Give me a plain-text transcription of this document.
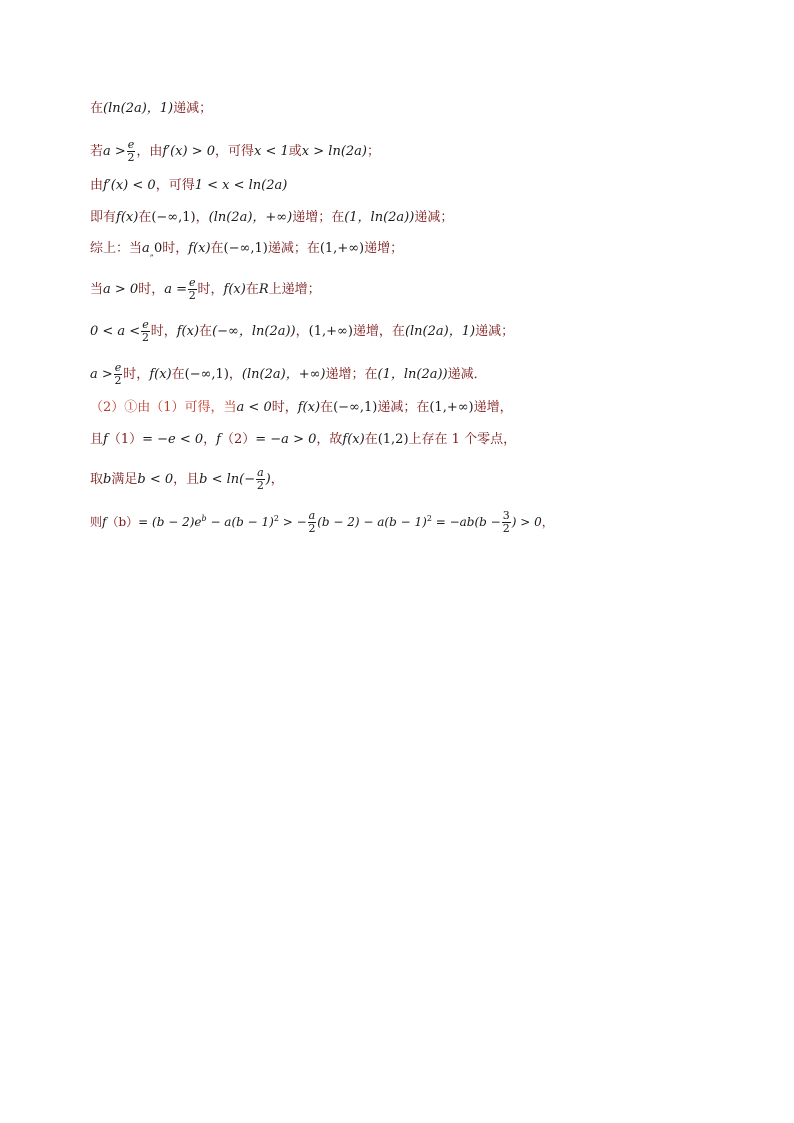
在(ln(2a)，1)递减；
若$a > \frac{e}{2}$ ，由f′(x) > 0，可得x < 1或x > ln(2a)；
由f′(x) < 0，可得1 < x < ln(2a)
即有f(x)在(−∞,1)，(ln(2a)，+∞)递增；在(1，ln(2a))递减；
综上：当$a_„0$时，f(x)在(−∞,1)递减；在(1,+∞)递增；
当a > 0时，$a = \frac{e}{2}$ 时，f(x)在R上递增；
$0 < a < \frac{e}{2}$ 时，f(x)在(−∞，ln(2a))，(1,+∞)递增，在(ln(2a)，1)递减；
$a > \frac{e}{2}$ 时，f(x)在(−∞,1)，(ln(2a)，+∞)递增；在(1，ln(2a))递减．
（2）①由（1）可得，当a < 0时，f(x)在(−∞,1)递减；在(1,+∞)递增，
且f（1）= −e < 0，f（2）= −a > 0，故f(x)在(1,2)上存在 1 个零点，
取b满足b < 0，且$b < \ln(- \frac{a}{2}$ )，
则$f(b)= (b - 2)e^b - a(b - 1)^2$ > − $\frac{a}{2} (b - 2) - a(b - 1)^2 = -ab(b - \frac{3}{2}$ ) > 0，
